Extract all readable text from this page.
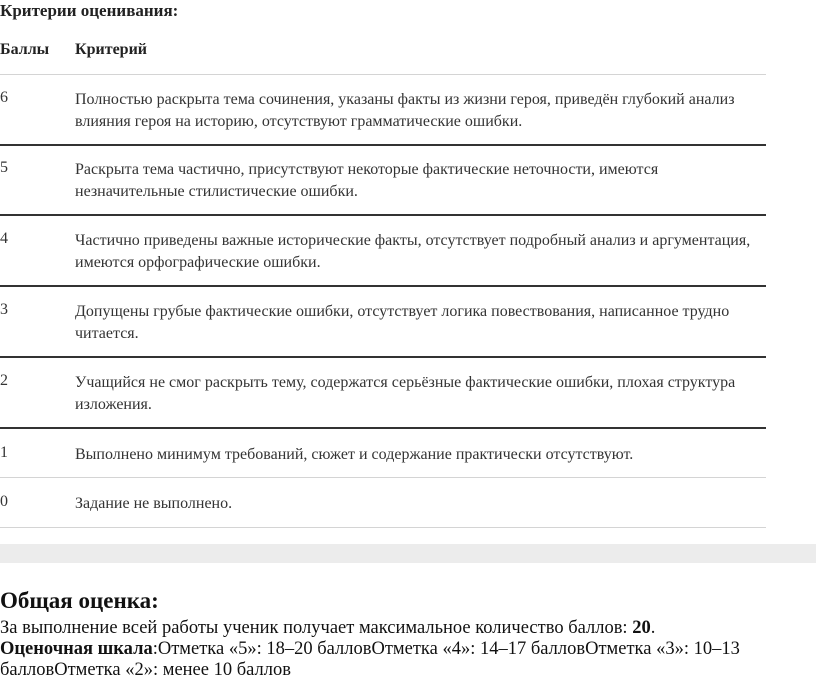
Критерии оценивания:
Баллы Критерий
6	Полностью раскрыта тема сочинения, указаны факты из жизни героя, приведён глубокий анализ влияния героя на историю, отсутствуют грамматические ошибки.
5	Раскрыта тема частично, присутствуют некоторые фактические неточности, имеются незначительные стилистические ошибки.
4	Частично приведены важные исторические факты, отсутствует подробный анализ и аргументация, имеются орфографические ошибки.
3	Допущены грубые фактические ошибки, отсутствует логика повествования, написанное трудно читается.
2	Учащийся не смог раскрыть тему, содержатся серьёзные фактические ошибки, плохая структура изложения.
1	Выполнено минимум требований, сюжет и содержание практически отсутствуют.
0	Задание не выполнено.
Общая оценка:
За выполнение всей работы ученик получает максимальное количество баллов: 20.
Оценочная шкала:Отметка «5»: 18–20 балловОтметка «4»: 14–17 балловОтметка «3»: 10–13 балловОтметка «2»: менее 10 баллов
